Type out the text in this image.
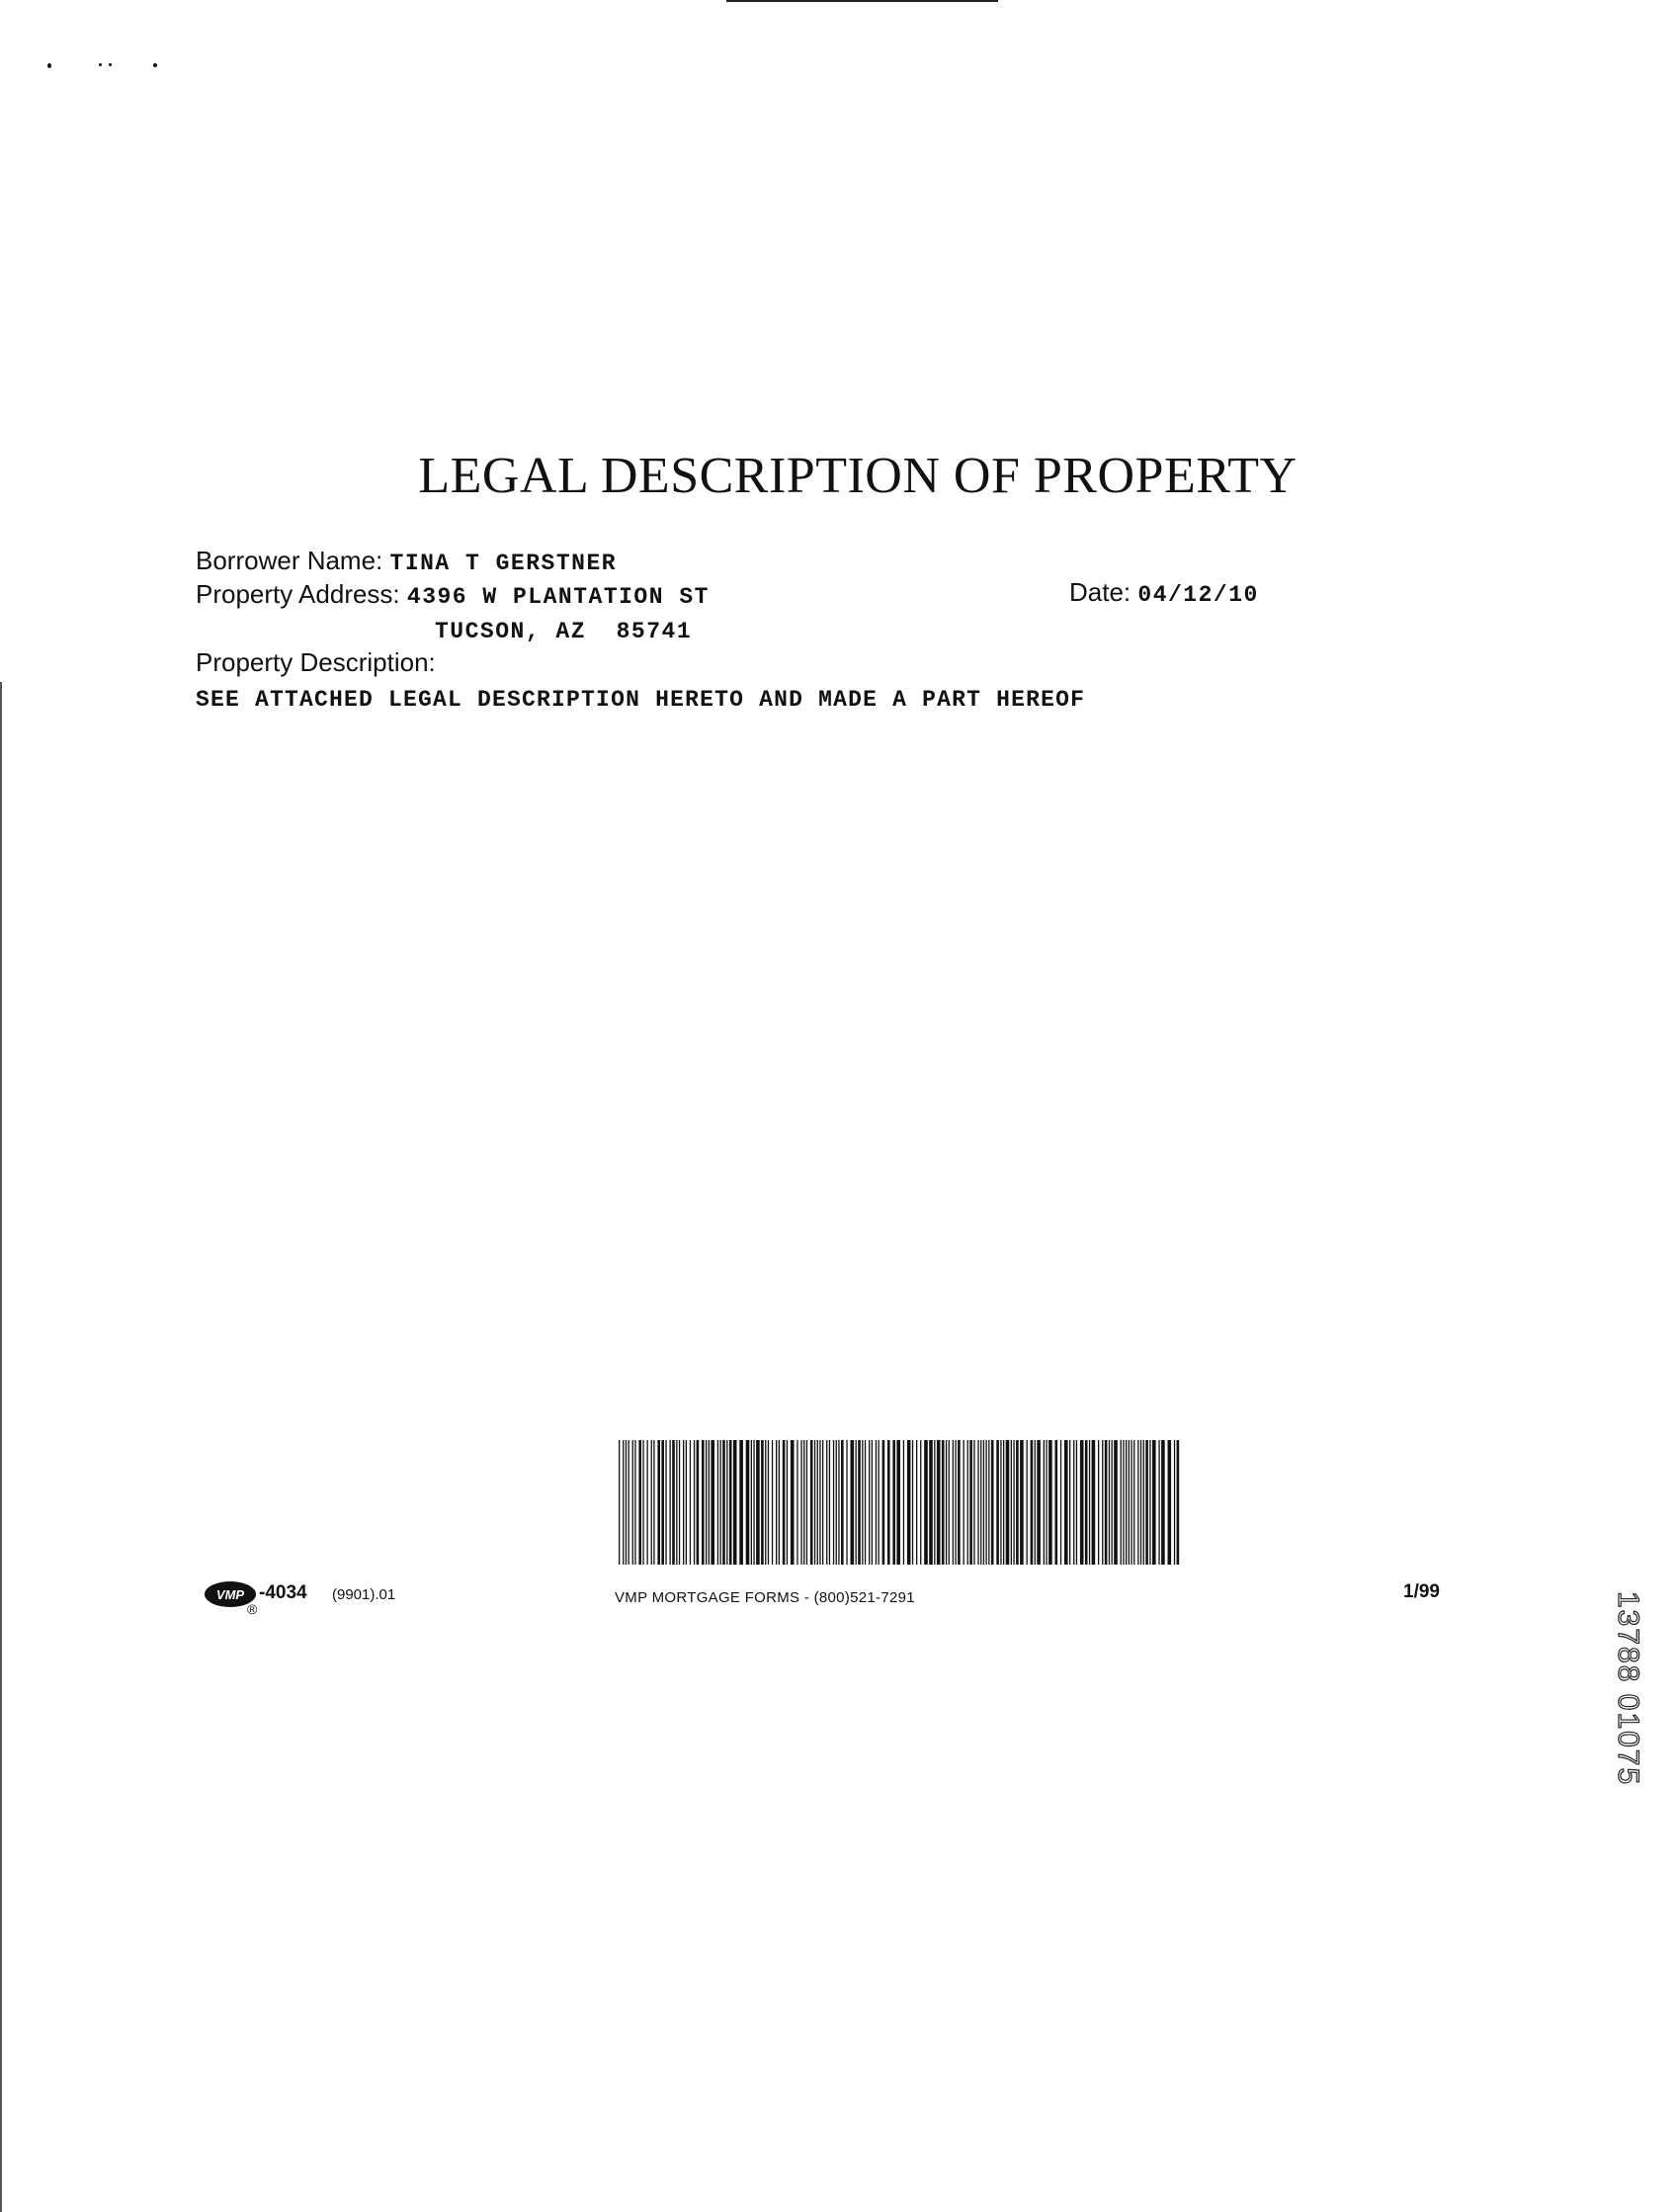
LEGAL DESCRIPTION OF PROPERTY
Borrower Name: TINA T GERSTNER
Property Address: 4396 W PLANTATION ST	Date: 04/12/10
TUCSON, AZ  85741
Property Description:
SEE ATTACHED LEGAL DESCRIPTION HERETO AND MADE A PART HEREOF
VMP
®
-4034 (9901).01	VMP MORTGAGE FORMS - (800)521-7291	1/99	13788 01075
